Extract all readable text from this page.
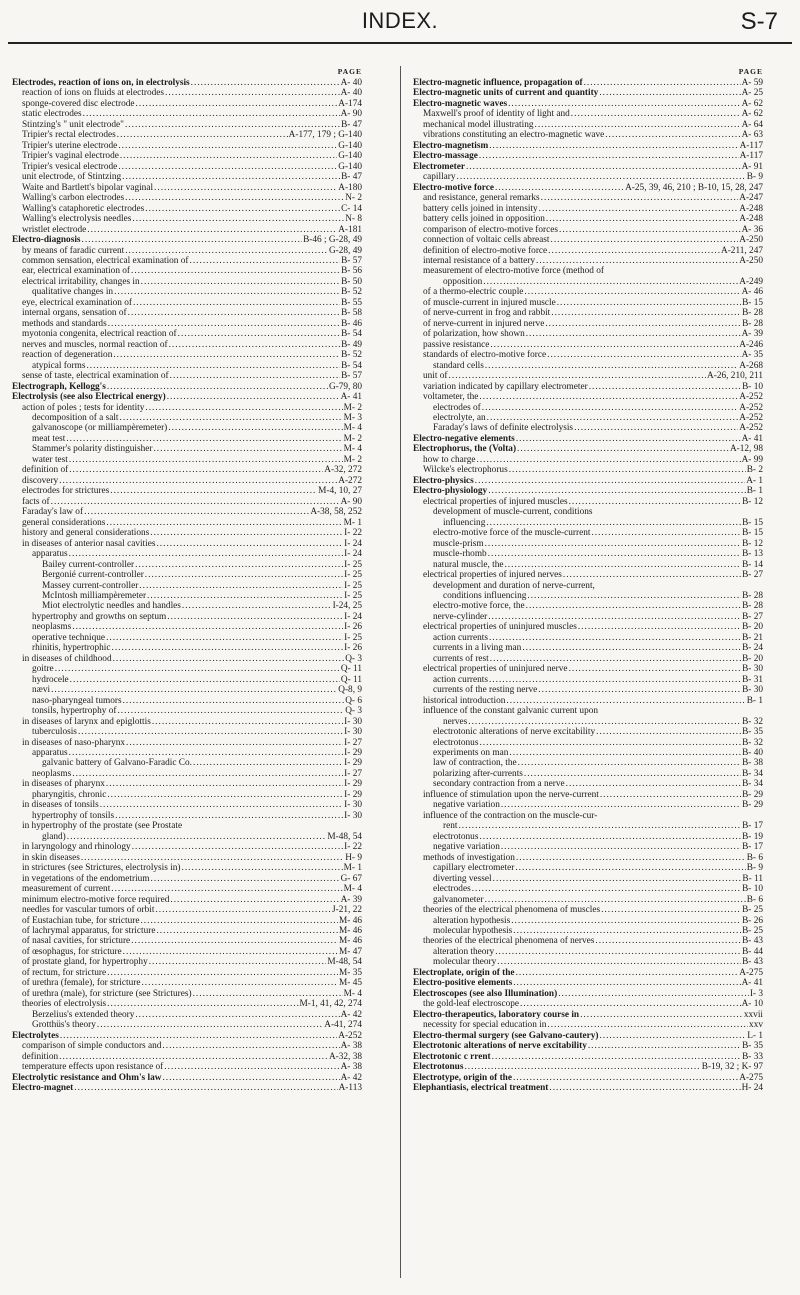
INDEX.	S-7
PAGE
Electrodes, reaction of ions on, in electrolysis .....	A- 40
reaction of ions on fluids at electrodes .....	A- 40
sponge-covered disc electrode .....	A-174
static electrodes .....	A- 90
Stintzing's " unit electrode" .....	B- 47
Tripier's rectal electrodes .....	A-177, 179 ; G-140
Tripier's uterine electrode .....	G-140
Tripier's vaginal electrode .....	G-140
Tripier's vesical electrode .....	G-140
unit electrode, of Stintzing .....	B- 47
Waite and Bartlett's bipolar vaginal .....	A-180
Walling's carbon electrodes .....	N- 2
Walling's cataphoretic electrodes .....	C- 14
Walling's electrolysis needles .....	N- 8
wristlet electrode .....	A-181
Electro-diagnosis .....	B-46 ; G-28, 49
by means of faradic current .....	G-28, 49
common sensation, electrical examination of .....	B- 57
ear, electrical examination of .....	B- 56
electrical irritability, changes in .....	B- 50
qualitative changes in .....	B- 52
eye, electrical examination of .....	B- 55
internal organs, sensation of .....	B- 58
methods and standards .....	B- 46
myotonia congenita, electrical reaction of .....	B- 54
nerves and muscles, normal reaction of .....	B- 49
reaction of degeneration .....	B- 52
atypical forms .....	B- 54
sense of taste, electrical examination of .....	B- 57
Electrograph, Kellogg's .....	G-79, 80
Electrolysis (see also Electrical energy) .....	A- 41
action of poles ; tests for identity .....	M- 2
decomposition of a salt .....	M- 3
galvanoscope (or milliampèremeter) .....	M- 4
meat test .....	M- 2
Stammer's polarity distinguisher .....	M- 4
water test .....	M- 2
definition of .....	A-32, 272
discovery .....	A-272
electrodes for strictures .....	M-4, 10, 27
facts of .....	A- 90
Faraday's law of .....	A-38, 58, 252
general considerations .....	M- 1
history and general considerations .....	I- 22
in diseases of anterior nasal cavities .....	I- 24
apparatus .....	I- 24
Bailey current-controller .....	I- 25
Bergonié current-controller .....	I- 25
Massey current-controller .....	I- 25
McIntosh milliampèremeter .....	I- 25
Miot electrolytic needles and handles .....	I-24, 25
hypertrophy and growths on septum .....	I- 24
neoplasms .....	I- 26
operative technique .....	I- 25
rhinitis, hypertrophic .....	I- 26
in diseases of childhood .....	Q- 3
goitre .....	Q- 11
hydrocele .....	Q- 11
nævi .....	Q-8, 9
naso-pharyngeal tumors .....	Q- 6
tonsils, hypertrophy of .....	Q- 3
in diseases of larynx and epiglottis .....	I- 30
tuberculosis .....	I- 30
in diseases of naso-pharynx .....	I- 27
apparatus .....	I- 29
galvanic battery of Galvano-Faradic Co. .....	I- 29
neoplasms .....	I- 27
in diseases of pharynx .....	I- 29
pharyngitis, chronic .....	I- 29
in diseases of tonsils .....	I- 30
hypertrophy of tonsils .....	I- 30
in hypertrophy of the prostate (see Prostate
gland) .....	M-48, 54
in laryngology and rhinology .....	I- 22
in skin diseases .....	H- 9
in strictures (see Strictures, electrolysis in) .....	M- 1
in vegetations of the endometrium .....	G- 67
measurement of current .....	M- 4
minimum electro-motive force required .....	A- 39
needles for vascular tumors of orbit .....	J-21, 22
of Eustachian tube, for stricture .....	M- 46
of lachrymal apparatus, for stricture .....	M- 46
of nasal cavities, for stricture .....	M- 46
of œsophagus, for stricture .....	M- 47
of prostate gland, for hypertrophy .....	M-48, 54
of rectum, for stricture .....	M- 35
of urethra (female), for stricture .....	M- 45
of urethra (male), for stricture (see Strictures) .....	M- 4
theories of electrolysis .....	M-1, 41, 42, 274
Berzelius's extended theory .....	A- 42
Grotthüs's theory .....	A-41, 274
Electrolytes .....	A-252
comparison of simple conductors and .....	A- 38
definition .....	A-32, 38
temperature effects upon resistance of .....	A- 38
Electrolytic resistance and Ohm's law .....	A- 42
Electro-magnet .....	A-113
PAGE
Electro-magnetic influence, propagation of .....	A- 59
Electro-magnetic units of current and quantity .....	A- 25
Electro-magnetic waves .....	A- 62
Maxwell's proof of identity of light and .....	A- 62
mechanical model illustrating .....	A- 64
vibrations constituting an electro-magnetic wave .....	A- 63
Electro-magnetism .....	A-117
Electro-massage .....	A-117
Electrometer .....	A- 91
capillary .....	B- 9
Electro-motive force .....	A-25, 39, 46, 210 ; B-10, 15, 28, 247
and resistance, general remarks .....	A-247
battery cells joined in intensity .....	A-248
battery cells joined in opposition .....	A-248
comparison of electro-motive forces .....	A- 36
connection of voltaic cells abreast .....	A-250
definition of electro-motive force .....	A-211, 247
internal resistance of a battery .....	A-250
measurement of electro-motive force (method of
opposition .....	A-249
of a thermo-electric couple .....	A- 46
of muscle-current in injured muscle .....	B- 15
of nerve-current in frog and rabbit .....	B- 28
of nerve-current in injured nerve .....	B- 28
of polarization, how shown .....	A- 39
passive resistance .....	A-246
standards of electro-motive force .....	A- 35
standard cells .....	A-268
unit of .....	A-26, 210, 211
variation indicated by capillary electrometer .....	B- 10
voltameter, the .....	A-252
electrodes of .....	A-252
electrolyte, an .....	A-252
Faraday's laws of definite electrolysis .....	A-252
Electro-negative elements .....	A- 41
Electrophorus, the (Volta) .....	A-12, 98
how to charge .....	A- 99
Wilcke's electrophorus .....	B- 2
Electro-physics .....	A- 1
Electro-physiology .....	B- 1
electrical properties of injured muscles .....	B- 12
development of muscle-current, conditions
influencing .....	B- 15
electro-motive force of the muscle-current .....	B- 15
muscle-prism .....	B- 12
muscle-rhomb .....	B- 13
natural muscle, the .....	B- 14
electrical properties of injured nerves .....	B- 27
development and duration of nerve-current,
conditions influencing .....	B- 28
electro-motive force, the .....	B- 28
nerve-cylinder .....	B- 27
electrical properties of uninjured muscles .....	B- 20
action currents .....	B- 21
currents in a living man .....	B- 24
currents of rest .....	B- 20
electrical properties of uninjured nerve .....	B- 30
action currents .....	B- 31
currents of the resting nerve .....	B- 30
historical introduction .....	B- 1
influence of the constant galvanic current upon
nerves .....	B- 32
electrotonic alterations of nerve excitability .....	B- 35
electrotonus .....	B- 32
experiments on man .....	B- 40
law of contraction, the .....	B- 38
polarizing after-currents .....	B- 34
secondary contraction from a nerve .....	B- 34
influence of stimulation upon the nerve-current .....	B- 29
negative variation .....	B- 29
influence of the contraction on the muscle-cur-
rent .....	B- 17
electrotonus .....	B- 19
negative variation .....	B- 17
methods of investigation .....	B- 6
capillary electrometer .....	B- 9
diverting vessel .....	B- 11
electrodes .....	B- 10
galvanometer .....	B- 6
theories of the electrical phenomena of muscles .....	B- 25
alteration hypothesis .....	B- 26
molecular hypothesis .....	B- 25
theories of the electrical phenomena of nerves .....	B- 43
alteration theory .....	B- 44
molecular theory .....	B- 43
Electroplate, origin of the .....	A-275
Electro-positive elements .....	A- 41
Electroscopes (see also Illumination) .....	I- 3
the gold-leaf electroscope .....	A- 10
Electro-therapeutics, laboratory course in .....	xxvii
necessity for special education in .....	xxv
Electro-thermal surgery (see Galvano-cautery) .....	L- 1
Electrotonic alterations of nerve excitability .....	B- 35
Electrotonic c rrent .....	B- 33
Electrotonus .....	B-19, 32 ; K- 97
Electrotype, origin of the .....	A-275
Elephantiasis, electrical treatment .....	H- 24
